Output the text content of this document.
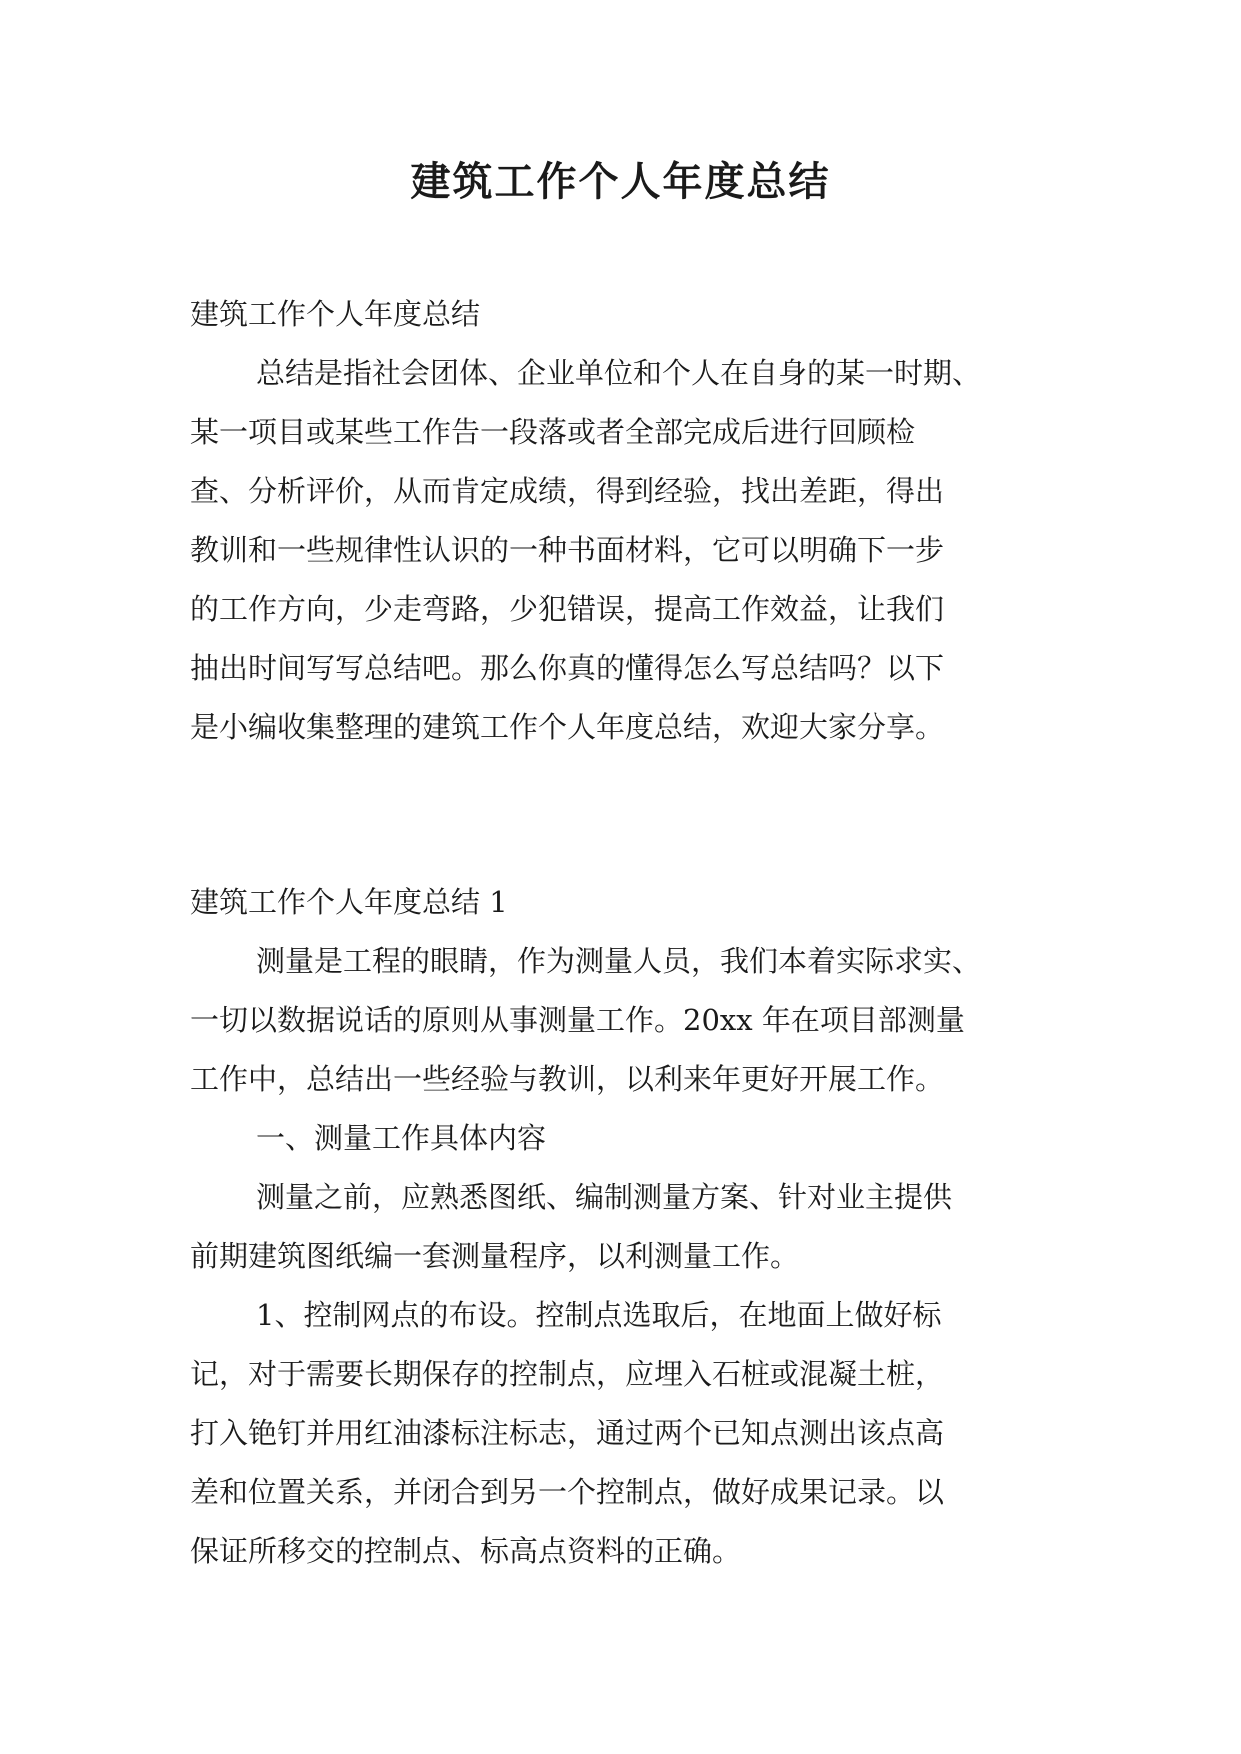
建筑工作个人年度总结

建筑工作个人年度总结

总结是指社会团体、企业单位和个人在自身的某一时期、

某一项目或某些工作告一段落或者全部完成后进行回顾检

查、分析评价，从而肯定成绩，得到经验，找出差距，得出

教训和一些规律性认识的一种书面材料，它可以明确下一步

的工作方向，少走弯路，少犯错误，提高工作效益，让我们

抽出时间写写总结吧。那么你真的懂得怎么写总结吗？以下

是小编收集整理的建筑工作个人年度总结，欢迎大家分享。

建筑工作个人年度总结 1

测量是工程的眼睛，作为测量人员，我们本着实际求实、

一切以数据说话的原则从事测量工作。20xx 年在项目部测量

工作中，总结出一些经验与教训，以利来年更好开展工作。

一、测量工作具体内容

测量之前，应熟悉图纸、编制测量方案、针对业主提供

前期建筑图纸编一套测量程序，以利测量工作。

1、控制网点的布设。控制点选取后，在地面上做好标

记，对于需要长期保存的控制点，应埋入石桩或混凝土桩，

打入铯钉并用红油漆标注标志，通过两个已知点测出该点高

差和位置关系，并闭合到另一个控制点，做好成果记录。以

保证所移交的控制点、标高点资料的正确。
